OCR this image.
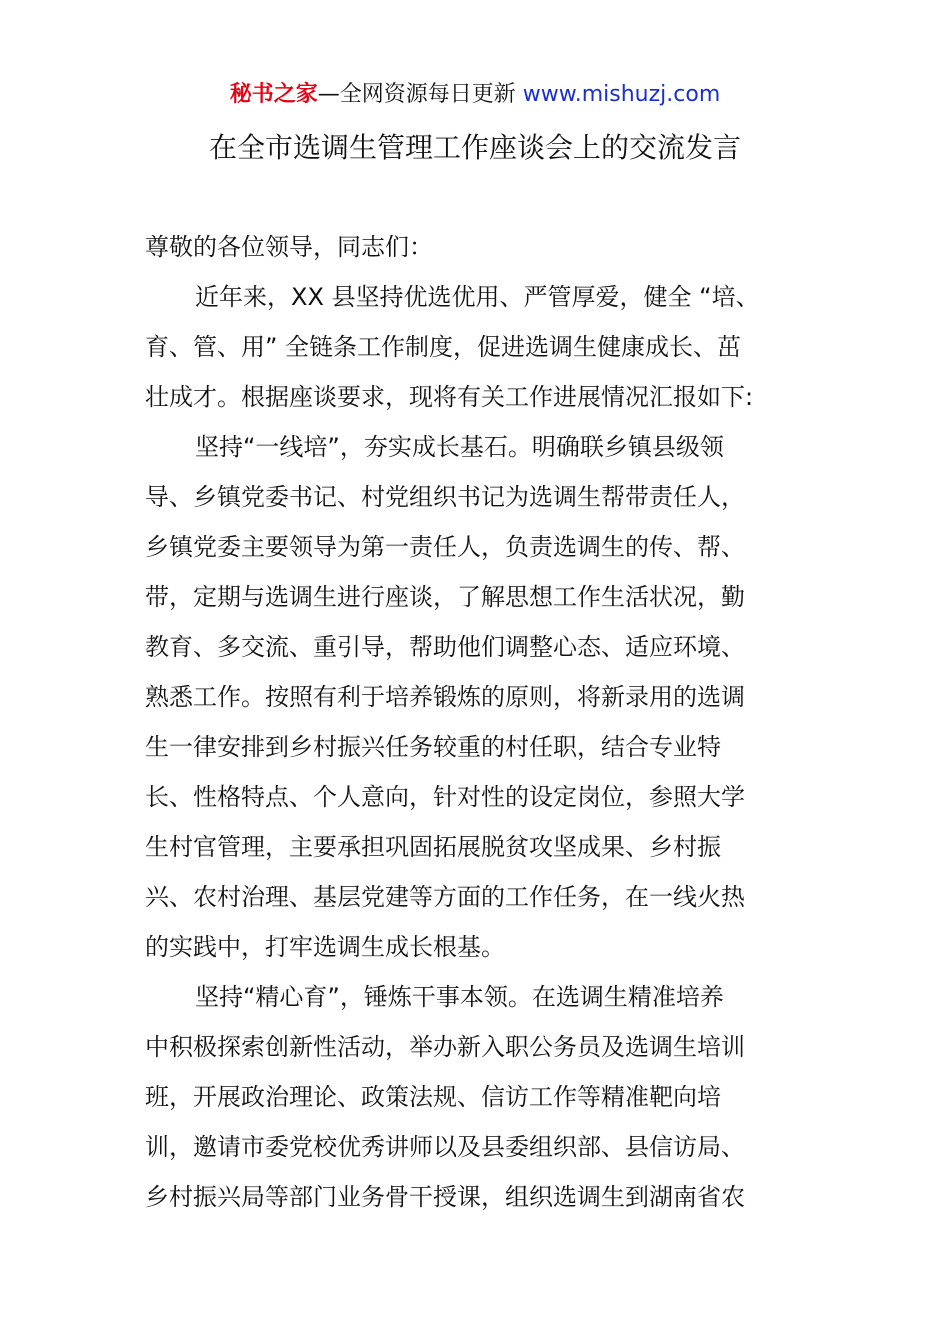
秘书之家—全网资源每日更新 www.mishuzj.com
在全市选调生管理工作座谈会上的交流发言
尊敬的各位领导，同志们：
近年来，XX 县坚持优选优用、严管厚爱，健全 “培、
育、管、用” 全链条工作制度，促进选调生健康成长、茁
壮成才。根据座谈要求，现将有关工作进展情况汇报如下:
坚持“一线培”，夯实成长基石。明确联乡镇县级领
导、乡镇党委书记、村党组织书记为选调生帮带责任人，
乡镇党委主要领导为第一责任人，负责选调生的传、帮、
带，定期与选调生进行座谈，了解思想工作生活状况，勤
教育、多交流、重引导，帮助他们调整心态、适应环境、
熟悉工作。按照有利于培养锻炼的原则，将新录用的选调
生一律安排到乡村振兴任务较重的村任职，结合专业特
长、性格特点、个人意向，针对性的设定岗位，参照大学
生村官管理，主要承担巩固拓展脱贫攻坚成果、乡村振
兴、农村治理、基层党建等方面的工作任务，在一线火热
的实践中，打牢选调生成长根基。
坚持“精心育”，锤炼干事本领。在选调生精准培养
中积极探索创新性活动，举办新入职公务员及选调生培训
班，开展政治理论、政策法规、信访工作等精准靶向培
训，邀请市委党校优秀讲师以及县委组织部、县信访局、
乡村振兴局等部门业务骨干授课，组织选调生到湖南省农
